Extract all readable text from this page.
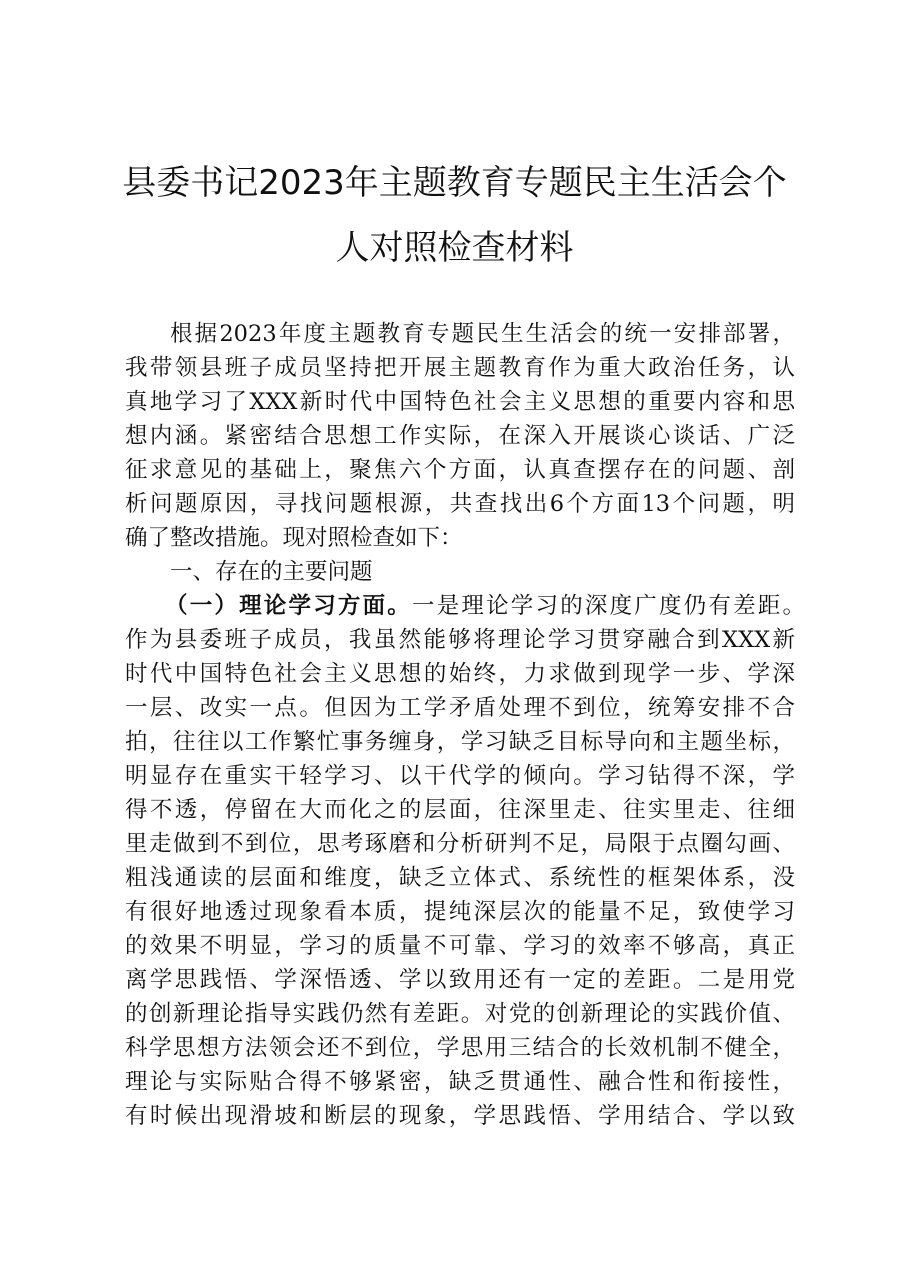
县委书记2023年主题教育专题民主生活会个
人对照检查材料
根据2023年度主题教育专题民生生活会的统一安排部署，
我带领县班子成员坚持把开展主题教育作为重大政治任务，认
真地学习了XXX新时代中国特色社会主义思想的重要内容和思
想内涵。紧密结合思想工作实际，在深入开展谈心谈话、广泛
征求意见的基础上，聚焦六个方面，认真查摆存在的问题、剖
析问题原因，寻找问题根源，共查找出6个方面13个问题，明
确了整改措施。现对照检查如下：
一、存在的主要问题
（一）理论学习方面。一是理论学习的深度广度仍有差距。
作为县委班子成员，我虽然能够将理论学习贯穿融合到XXX新
时代中国特色社会主义思想的始终，力求做到现学一步、学深
一层、改实一点。但因为工学矛盾处理不到位，统筹安排不合
拍，往往以工作繁忙事务缠身，学习缺乏目标导向和主题坐标，
明显存在重实干轻学习、以干代学的倾向。学习钻得不深，学
得不透，停留在大而化之的层面，往深里走、往实里走、往细
里走做到不到位，思考琢磨和分析研判不足，局限于点圈勾画、
粗浅通读的层面和维度，缺乏立体式、系统性的框架体系，没
有很好地透过现象看本质，提纯深层次的能量不足，致使学习
的效果不明显，学习的质量不可靠、学习的效率不够高，真正
离学思践悟、学深悟透、学以致用还有一定的差距。二是用党
的创新理论指导实践仍然有差距。对党的创新理论的实践价值、
科学思想方法领会还不到位，学思用三结合的长效机制不健全，
理论与实际贴合得不够紧密，缺乏贯通性、融合性和衔接性，
有时候出现滑坡和断层的现象，学思践悟、学用结合、学以致
